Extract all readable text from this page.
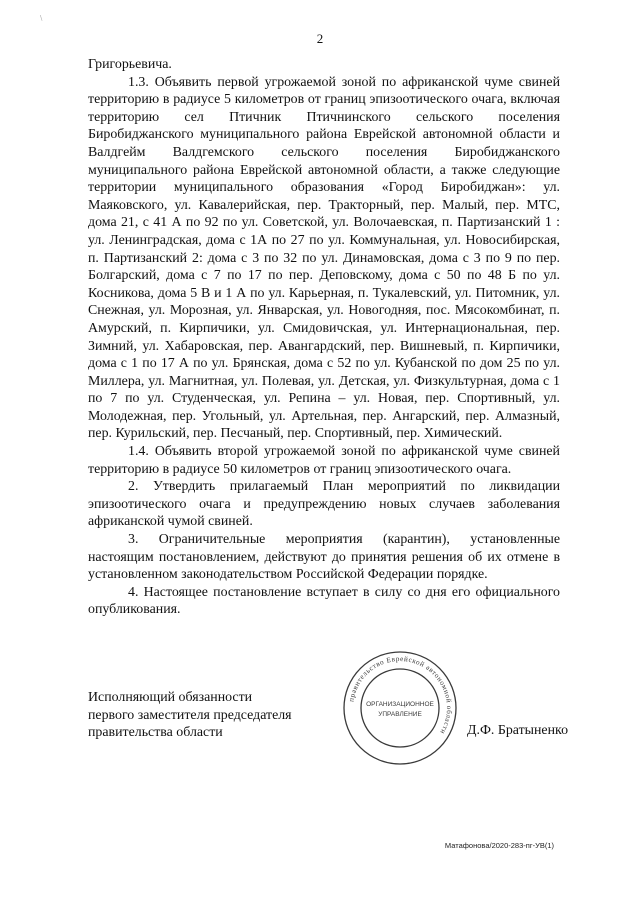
\
2

Григорьевича.

1.3. Объявить первой угрожаемой зоной по африканской чуме свиней территорию в радиусе 5 километров от границ эпизоотического очага, включая территорию сел Птичник Птичнинского сельского поселения Биробиджанского муниципального района Еврейской автономной области и Валдгейм Валдгемского сельского поселения Биробиджанского муниципального района Еврейской автономной области, а также следующие территории муниципального образования «Город Биробиджан»: ул. Маяковского, ул. Кавалерийская, пер. Тракторный, пер. Малый, пер. МТС, дома 21, с 41 А по 92 по ул. Советской, ул. Волочаевская, п. Партизанский 1 : ул. Ленинградская, дома с 1А по 27 по ул. Коммунальная, ул. Новосибирская, п. Партизанский 2: дома с 3 по 32 по ул. Динамовская, дома с 3 по 9 по пер. Болгарский, дома с 7 по 17 по пер. Деповскому, дома с 50 по 48 Б по ул. Косникова, дома 5 В и 1 А по ул. Карьерная, п. Тукалевский, ул. Питомник, ул. Снежная, ул. Морозная, ул. Январская, ул. Новогодняя, пос. Мясокомбинат, п. Амурский, п. Кирпичики, ул. Смидовичская, ул. Интернациональная, пер. Зимний, ул. Хабаровская, пер. Авангардский, пер. Вишневый, п. Кирпичики, дома с 1 по 17 А по ул. Брянская, дома с 52 по ул. Кубанской по дом 25 по ул. Миллера, ул. Магнитная, ул. Полевая, ул. Детская, ул. Физкультурная, дома с 1 по 7 по ул. Студенческая, ул. Репина – ул. Новая, пер. Спортивный, ул. Молодежная, пер. Угольный, ул. Артельная, пер. Ангарский, пер. Алмазный, пер. Курильский, пер. Песчаный, пер. Спортивный, пер. Химический.

1.4. Объявить второй угрожаемой зоной по африканской чуме свиней территорию в радиусе 50 километров от границ эпизоотического очага.

2. Утвердить прилагаемый План мероприятий по ликвидации эпизоотического очага и предупреждению новых случаев заболевания африканской чумой свиней.

3. Ограничительные мероприятия (карантин), установленные настоящим постановлением, действуют до принятия решения об их отмене в установленном законодательством Российской Федерации порядке.

4. Настоящее постановление вступает в силу со дня его официального опубликования.

Исполняющий обязанности
первого заместителя председателя
правительства области
правительство Еврейской автономной области
ОРГАНИЗАЦИОННОЕ
УПРАВЛЕНИЕ
Д.Ф. Братыненко
Матафонова/2020-283-пг-УВ(1)
